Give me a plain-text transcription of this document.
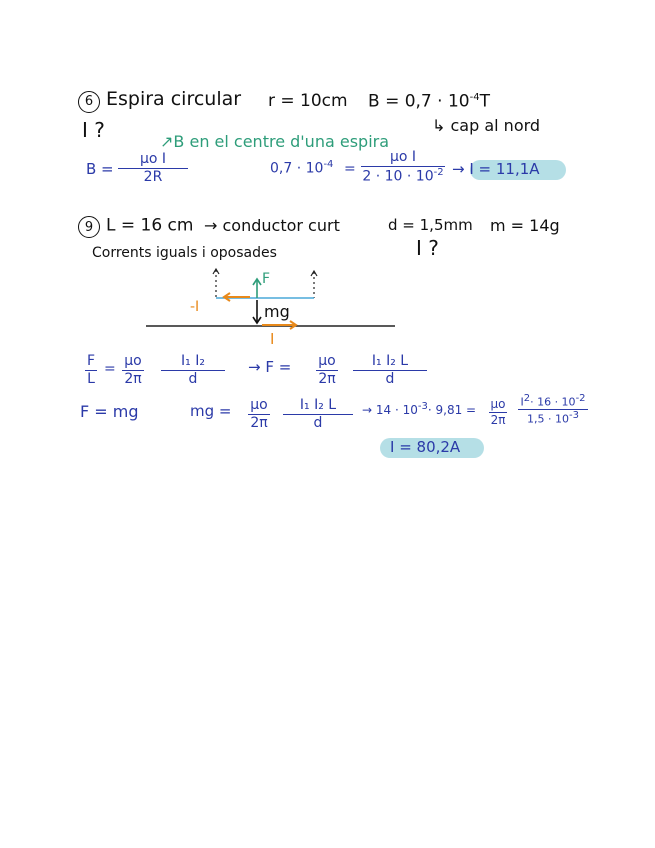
6 Espira circular r = 10cm $B = 0,7 \cdot 10^{-4}T$
I ?	↳ cap al nord
↗B en el centre d'una espira
$B = \frac{\text{μo I}}{2R}$	$0,7 \cdot 10^{-4} = \frac{\text{μo I}}{2 \cdot 10 \cdot 10^{-2}} \to I = 11,1A$
9 L = 16 cm → conductor curt	d = 1,5mm m = 14g
Corrents iguals i oposades	I ?
F
mg
-I
I
$\frac{F}{L} = \frac{\mu o}{2\pi} \frac{\text{I₁ I₂}}{d} \to F = \frac{\mu o}{2\pi} \frac{\text{I₁ I₂ L}}{d}$
F = mg	mg = $\frac{\mu o}{2\pi} \frac{\text{I₁ I₂ L}}{d} \to 14 \cdot 10^{-3}\cdot 9,81 = \frac{\mu o}{2\pi} \frac{I^2\cdot 16 \cdot 10^{-2}}{1,5 \cdot 10^{-3}}$
I = 80,2A
